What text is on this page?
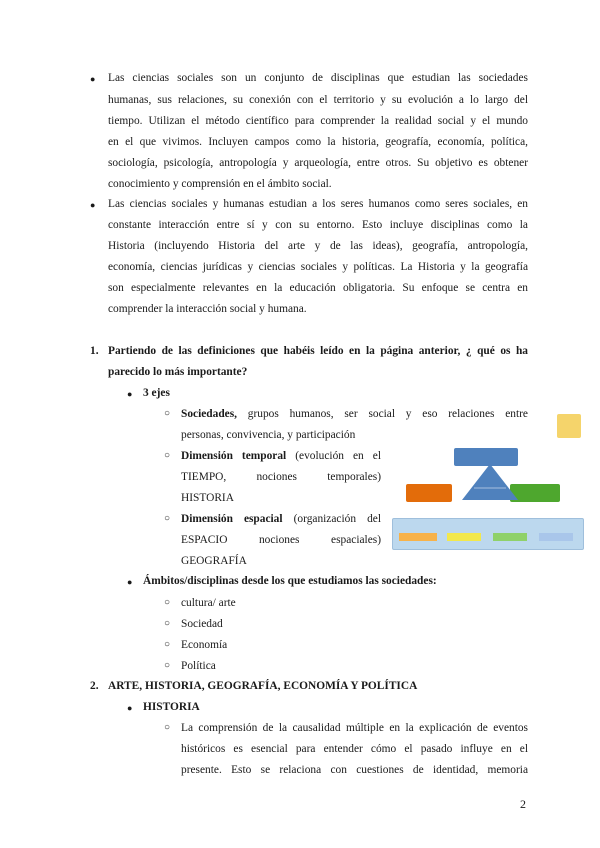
● Las ciencias sociales son un conjunto de disciplinas que estudian las sociedades
humanas, sus relaciones, su conexión con el territorio y su evolución a lo largo del
tiempo. Utilizan el método científico para comprender la realidad social y el mundo
en el que vivimos. Incluyen campos como la historia, geografía, economía, política,
sociología, psicología, antropología y arqueología, entre otros. Su objetivo es obtener
conocimiento y comprensión en el ámbito social.
● Las ciencias sociales y humanas estudian a los seres humanos como seres sociales, en
constante interacción entre sí y con su entorno. Esto incluye disciplinas como la
Historia (incluyendo Historia del arte y de las ideas), geografía, antropología,
economía, ciencias jurídicas y ciencias sociales y políticas. La Historia y la geografía
son especialmente relevantes en la educación obligatoria. Su enfoque se centra en
comprender la interacción social y humana.
1. Partiendo de las definiciones que habéis leído en la página anterior, ¿ qué os ha
parecido lo más importante?
● 3 ejes
○ Sociedades, grupos humanos, ser social y eso relaciones entre
personas, convivencia, y participación
○ Dimensión temporal (evolución en el
TIEMPO,	nociones	temporales)
HISTORIA
○ Dimensión espacial (organización del
ESPACIO	nociones	espaciales)
GEOGRAFÍA
● Ámbitos/disciplinas desde los que estudiamos las sociedades:
○ cultura/ arte
○ Sociedad
○ Economía
○ Política
2. ARTE, HISTORIA, GEOGRAFÍA, ECONOMÍA Y POLÍTICA
● HISTORIA
○ La comprensión de la causalidad múltiple en la explicación de eventos
históricos es esencial para entender cómo el pasado influye en el
presente. Esto se relaciona con cuestiones de identidad, memoria
2
